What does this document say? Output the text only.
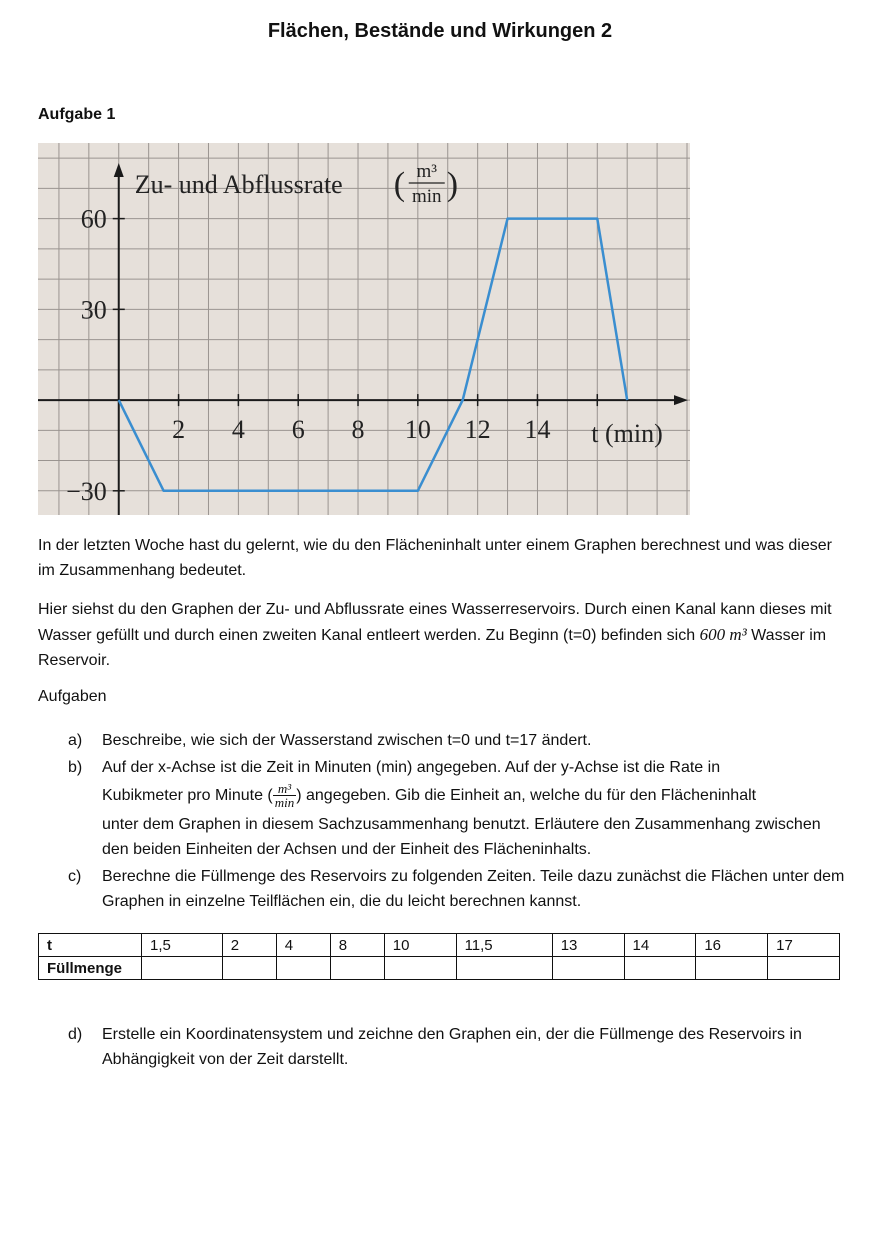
Flächen, Bestände und Wirkungen 2
Aufgabe 1
2 4 6 8 10 12 14
60
30
−30
t (min)
Zu- und Abflussrate ( m³
min )
In der letzten Woche hast du gelernt, wie du den Flächeninhalt unter einem Graphen berechnest und was dieser im Zusammenhang bedeutet.
Hier siehst du den Graphen der Zu- und Abflussrate eines Wasserreservoirs. Durch einen Kanal kann dieses mit Wasser gefüllt und durch einen zweiten Kanal entleert werden. Zu Beginn (t=0) befinden sich 600 m³ Wasser im Reservoir.
Aufgaben
a) Beschreibe, wie sich der Wasserstand zwischen t=0 und t=17 ändert.
b) Auf der x-Achse ist die Zeit in Minuten (min) angegeben. Auf der y-Achse ist die Rate in
Kubikmeter pro Minute ( $\frac{\text{m³}}{\min}$ ) angegeben. Gib die Einheit an, welche du für den Flächeninhalt
unter dem Graphen in diesem Sachzusammenhang benutzt. Erläutere den Zusammenhang zwischen den beiden Einheiten der Achsen und der Einheit des Flächeninhalts.
c) Berechne die Füllmenge des Reservoirs zu folgenden Zeiten. Teile dazu zunächst die Flächen unter dem Graphen in einzelne Teilflächen ein, die du leicht berechnen kannst.
t	1,5	2	4	8	10	11,5	13	14	16	17
Füllmenge										
d) Erstelle ein Koordinatensystem und zeichne den Graphen ein, der die Füllmenge des Reservoirs in Abhängigkeit von der Zeit darstellt.
